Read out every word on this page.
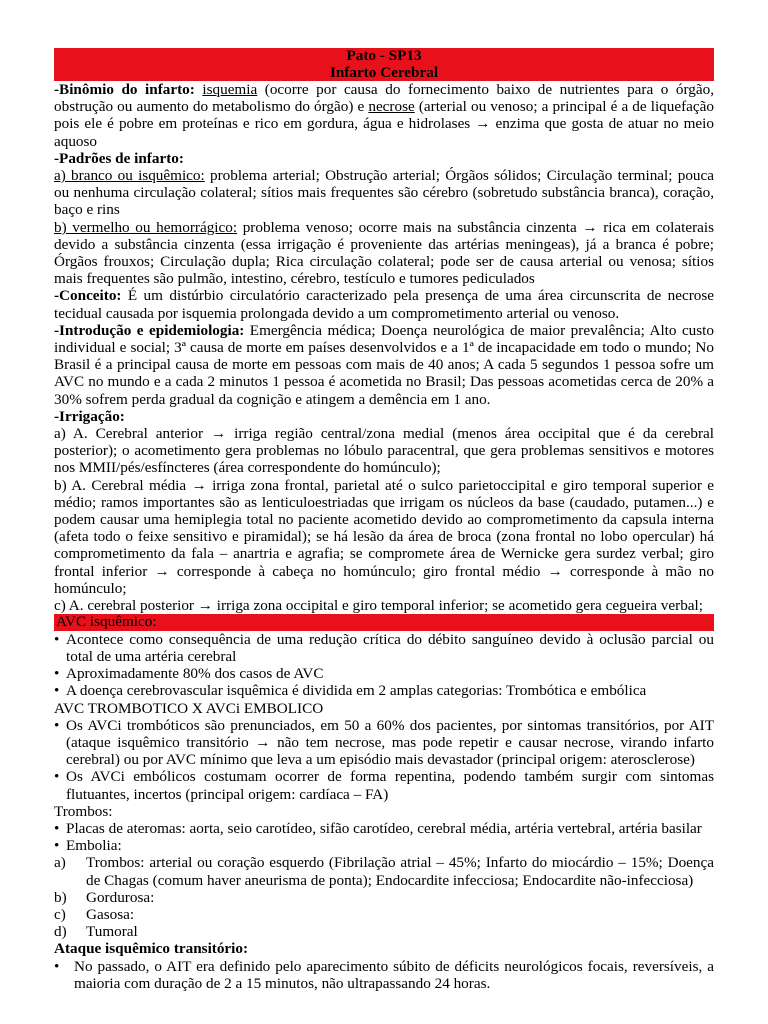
Pato - SP13
Infarto Cerebral

-Binômio do infarto: isquemia (ocorre por causa do fornecimento baixo de nutrientes para o órgão, obstrução ou aumento do metabolismo do órgão) e necrose (arterial ou venoso; a principal é a de liquefação pois ele é pobre em proteínas e rico em gordura, água e hidrolases → enzima que gosta de atuar no meio aquoso

-Padrões de infarto:

a) branco ou isquêmico: problema arterial; Obstrução arterial; Órgãos sólidos; Circulação terminal; pouca ou nenhuma circulação colateral; sítios mais frequentes são cérebro (sobretudo substância branca), coração, baço e rins

b) vermelho ou hemorrágico: problema venoso; ocorre mais na substância cinzenta → rica em colaterais devido a substância cinzenta (essa irrigação é proveniente das artérias meningeas), já a branca é pobre; Órgãos frouxos; Circulação dupla; Rica circulação colateral; pode ser de causa arterial ou venosa; sítios mais frequentes são pulmão, intestino, cérebro, testículo e tumores pediculados

-Conceito: É um distúrbio circulatório caracterizado pela presença de uma área circunscrita de necrose tecidual causada por isquemia prolongada devido a um comprometimento arterial ou venoso.

-Introdução e epidemiologia: Emergência médica; Doença neurológica de maior prevalência; Alto custo individual e social; 3ª causa de morte em países desenvolvidos e a 1ª de incapacidade em todo o mundo; No Brasil é a principal causa de morte em pessoas com mais de 40 anos; A cada 5 segundos 1 pessoa sofre um AVC no mundo e a cada 2 minutos 1 pessoa é acometida no Brasil; Das pessoas acometidas cerca de 20% a 30% sofrem perda gradual da cognição e atingem a demência em 1 ano.

-Irrigação:

a) A. Cerebral anterior → irriga região central/zona medial (menos área occipital que é da cerebral posterior); o acometimento gera problemas no lóbulo paracentral, que gera problemas sensitivos e motores nos MMII/pés/esfíncteres (área correspondente do homúnculo);

b) A. Cerebral média → irriga zona frontal, parietal até o sulco parietoccipital e giro temporal superior e médio; ramos importantes são as lenticuloestriadas que irrigam os núcleos da base (caudado, putamen...) e podem causar uma hemiplegia total no paciente acometido devido ao comprometimento da capsula interna (afeta todo o feixe sensitivo e piramidal); se há lesão da área de broca (zona frontal no lobo opercular) há comprometimento da fala – anartria e agrafia; se compromete área de Wernicke gera surdez verbal; giro frontal inferior → corresponde à cabeça no homúnculo; giro frontal médio → corresponde à mão no homúnculo;

c) A. cerebral posterior → irriga zona occipital e giro temporal inferior; se acometido gera cegueira verbal;

AVC isquêmico:
• Acontece como consequência de uma redução crítica do débito sanguíneo devido à oclusão parcial ou total de uma artéria cerebral
• Aproximadamente 80% dos casos de AVC
• A doença cerebrovascular isquêmica é dividida em 2 amplas categorias: Trombótica e embólica

AVC TROMBOTICO X AVCi EMBOLICO

• Os AVCi trombóticos são prenunciados, em 50 a 60% dos pacientes, por sintomas transitórios, por AIT (ataque isquêmico transitório → não tem necrose, mas pode repetir e causar necrose, virando infarto cerebral) ou por AVC mínimo que leva a um episódio mais devastador (principal origem: aterosclerose)
• Os AVCi embólicos costumam ocorrer de forma repentina, podendo também surgir com sintomas flutuantes, incertos (principal origem: cardíaca – FA)

Trombos:

• Placas de ateromas: aorta, seio carotídeo, sifão carotídeo, cerebral média, artéria vertebral, artéria basilar
• Embolia:
a)	Trombos: arterial ou coração esquerdo (Fibrilação atrial – 45%; Infarto do miocárdio – 15%; Doença de Chagas (comum haver aneurisma de ponta); Endocardite infecciosa; Endocardite não-infecciosa)
b)	Gordurosa:
c)	Gasosa:
d)	Tumoral

Ataque isquêmico transitório:

• No passado, o AIT era definido pelo aparecimento súbito de déficits neurológicos focais, reversíveis, a maioria com duração de 2 a 15 minutos, não ultrapassando 24 horas.
